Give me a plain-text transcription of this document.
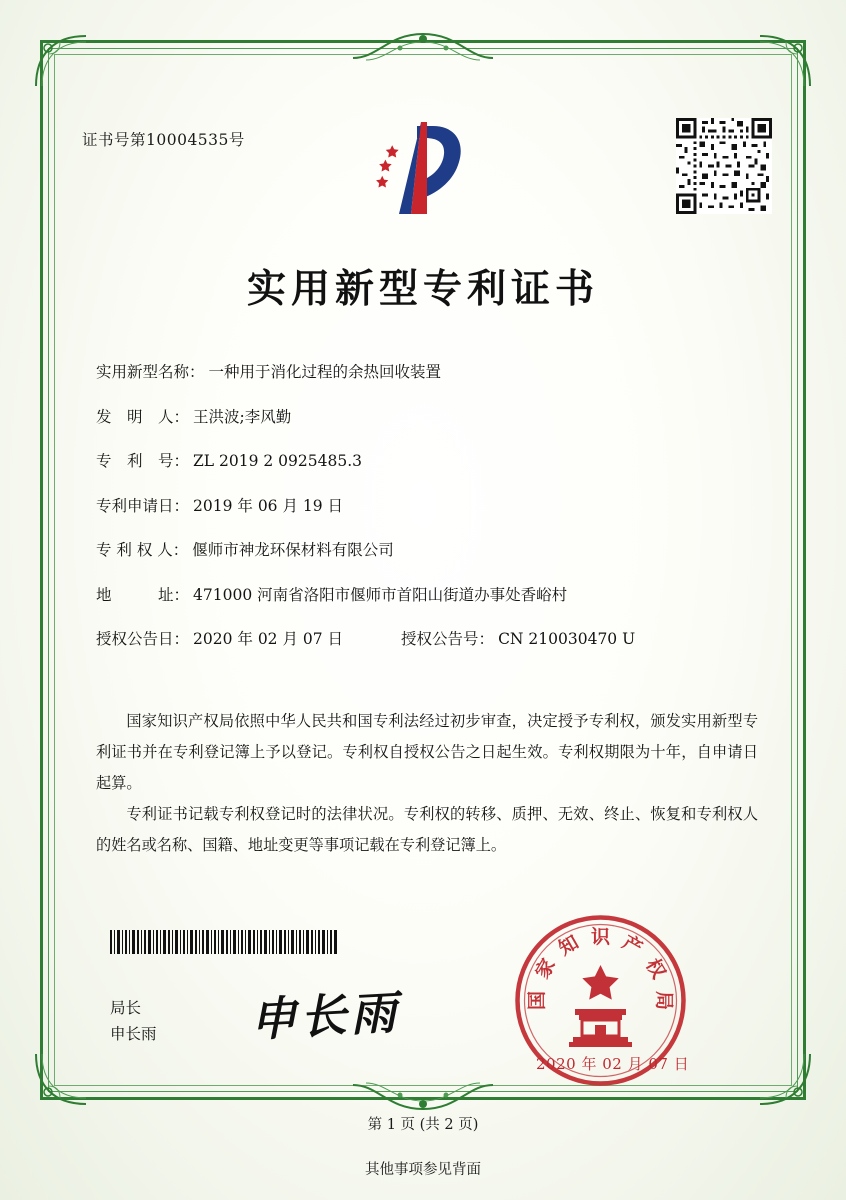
证书号第10004535号
实用新型专利证书
实用新型名称： 一种用于消化过程的余热回收装置
发　明　人： 王洪波;李风勤
专　利　号： ZL 2019 2 0925485.3
专利申请日： 2019 年 06 月 19 日
专 利 权 人： 偃师市神龙环保材料有限公司
地　　　址： 471000 河南省洛阳市偃师市首阳山街道办事处香峪村
授权公告日： 2020 年 02 月 07 日	授权公告号： CN 210030470 U

国家知识产权局依照中华人民共和国专利法经过初步审查，决定授予专利权，颁发实用新型专利证书并在专利登记簿上予以登记。专利权自授权公告之日起生效。专利权期限为十年，自申请日起算。

专利证书记载专利权登记时的法律状况。专利权的转移、质押、无效、终止、恢复和专利权人的姓名或名称、国籍、地址变更等事项记载在专利登记簿上。

局长
申长雨 申长雨
识
知
家
国
产
权
局
2020 年 02 月 07 日
第 1 页 (共 2 页)
其他事项参见背面
